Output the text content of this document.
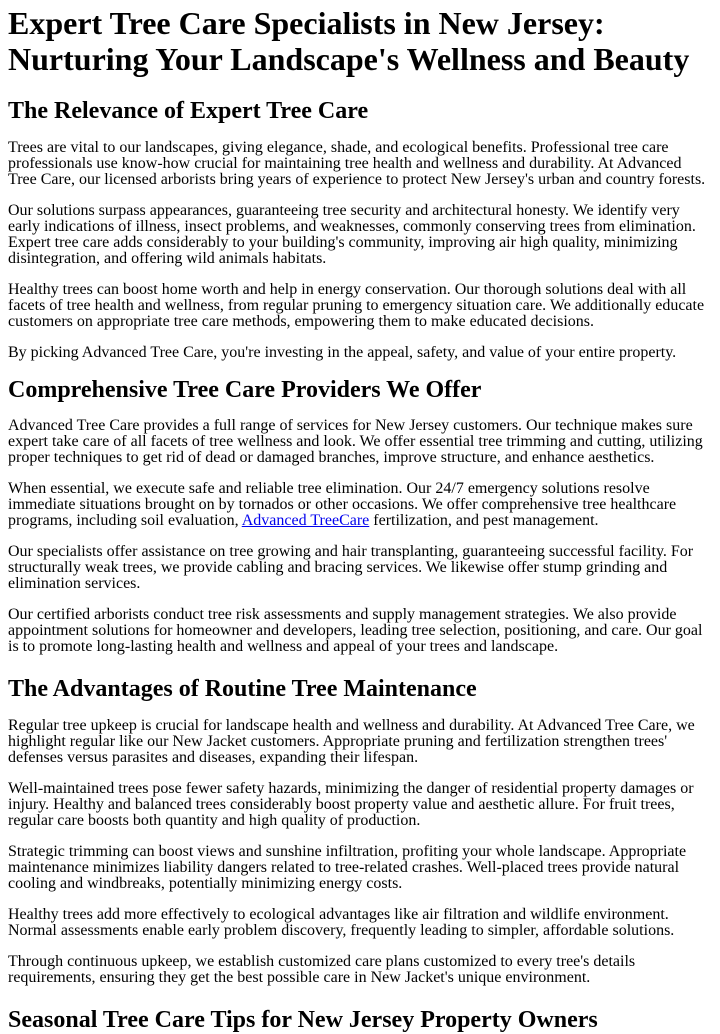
Expert Tree Care Specialists in New Jersey: Nurturing Your Landscape's Wellness and Beauty
The Relevance of Expert Tree Care

Trees are vital to our landscapes, giving elegance, shade, and ecological benefits. Professional tree care professionals use know-how crucial for maintaining tree health and wellness and durability. At Advanced Tree Care, our licensed arborists bring years of experience to protect New Jersey's urban and country forests.

Our solutions surpass appearances, guaranteeing tree security and architectural honesty. We identify very early indications of illness, insect problems, and weaknesses, commonly conserving trees from elimination. Expert tree care adds considerably to your building's community, improving air high quality, minimizing disintegration, and offering wild animals habitats.

Healthy trees can boost home worth and help in energy conservation. Our thorough solutions deal with all facets of tree health and wellness, from regular pruning to emergency situation care. We additionally educate customers on appropriate tree care methods, empowering them to make educated decisions.

By picking Advanced Tree Care, you're investing in the appeal, safety, and value of your entire property.

Comprehensive Tree Care Providers We Offer

Advanced Tree Care provides a full range of services for New Jersey customers. Our technique makes sure expert take care of all facets of tree wellness and look. We offer essential tree trimming and cutting, utilizing proper techniques to get rid of dead or damaged branches, improve structure, and enhance aesthetics.

When essential, we execute safe and reliable tree elimination. Our 24/7 emergency solutions resolve immediate situations brought on by tornados or other occasions. We offer comprehensive tree healthcare programs, including soil evaluation, Advanced TreeCare fertilization, and pest management.

Our specialists offer assistance on tree growing and hair transplanting, guaranteeing successful facility. For structurally weak trees, we provide cabling and bracing services. We likewise offer stump grinding and elimination services.

Our certified arborists conduct tree risk assessments and supply management strategies. We also provide appointment solutions for homeowner and developers, leading tree selection, positioning, and care. Our goal is to promote long-lasting health and wellness and appeal of your trees and landscape.

The Advantages of Routine Tree Maintenance

Regular tree upkeep is crucial for landscape health and wellness and durability. At Advanced Tree Care, we highlight regular like our New Jacket customers. Appropriate pruning and fertilization strengthen trees' defenses versus parasites and diseases, expanding their lifespan.

Well-maintained trees pose fewer safety hazards, minimizing the danger of residential property damages or injury. Healthy and balanced trees considerably boost property value and aesthetic allure. For fruit trees, regular care boosts both quantity and high quality of production.

Strategic trimming can boost views and sunshine infiltration, profiting your whole landscape. Appropriate maintenance minimizes liability dangers related to tree-related crashes. Well-placed trees provide natural cooling and windbreaks, potentially minimizing energy costs.

Healthy trees add more effectively to ecological advantages like air filtration and wildlife environment. Normal assessments enable early problem discovery, frequently leading to simpler, affordable solutions.

Through continuous upkeep, we establish customized care plans customized to every tree's details requirements, ensuring they get the best possible care in New Jacket's unique environment.

Seasonal Tree Care Tips for New Jersey Property Owners
